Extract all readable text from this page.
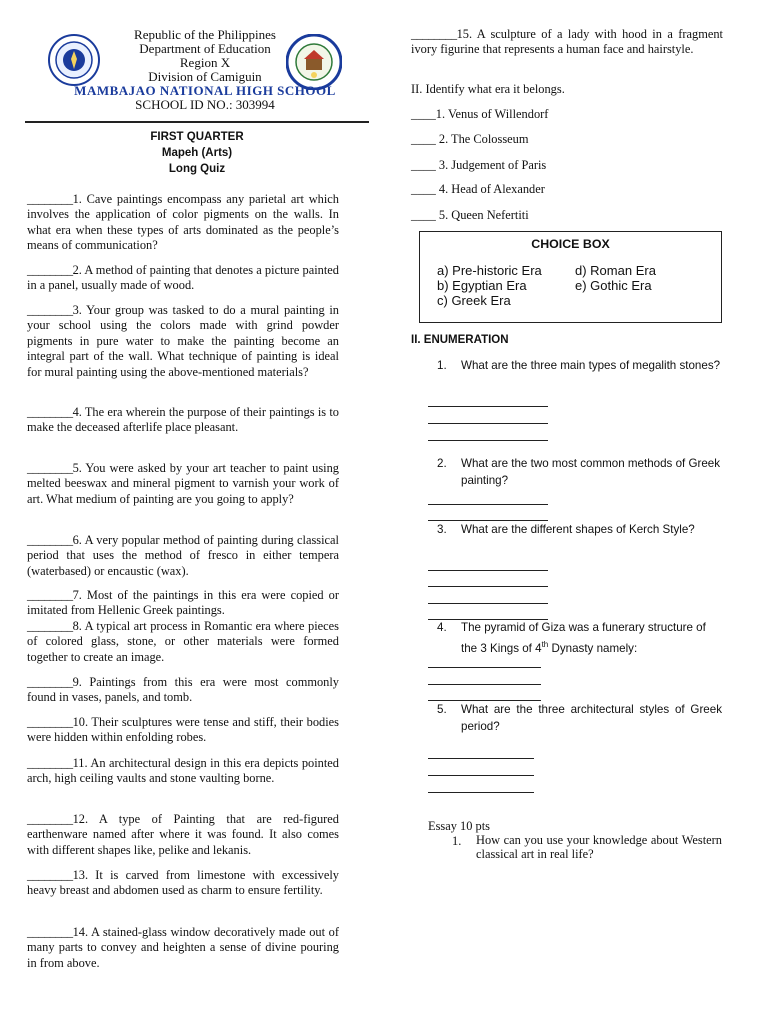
Republic of the Philippines
Department of Education
Region X
Division of Camiguin
MAMBAJAO NATIONAL HIGH SCHOOL
SCHOOL ID NO.: 303994
FIRST QUARTER
Mapeh (Arts)
Long Quiz
________1. Cave paintings encompass any parietal art which involves the application of color pigments on the walls. In what era when these types of arts dominated as the people’s means of communication?
________2. A method of painting that denotes a picture painted in a panel, usually made of wood.
________3. Your group was tasked to do a mural painting in your school using the colors made with grind powder pigments in pure water to make the painting become an integral part of the wall. What technique of painting is ideal for mural painting using the above-mentioned materials?
________4. The era wherein the purpose of their paintings is to make the deceased afterlife place pleasant.
________5. You were asked by your art teacher to paint using melted beeswax and mineral pigment to varnish your work of art. What medium of painting are you going to apply?
________6. A very popular method of painting during classical period that uses the method of fresco in either tempera (waterbased) or encaustic (wax).
________7. Most of the paintings in this era were copied or imitated from Hellenic Greek paintings.
________8. A typical art process in Romantic era where pieces of colored glass, stone, or other materials were formed together to create an image.
________9. Paintings from this era were most commonly found in vases, panels, and tomb.
________10. Their sculptures were tense and stiff, their bodies were hidden within enfolding robes.
________11. An architectural design in this era depicts pointed arch, high ceiling vaults and stone vaulting borne.
________12. A type of Painting that are red-figured earthenware named after where it was found. It also comes with different shapes like, pelike and lekanis.
________13. It is carved from limestone with excessively heavy breast and abdomen used as charm to ensure fertility.
________14. A stained-glass window decoratively made out of many parts to convey and heighten a sense of divine pouring in from above.
________15. A sculpture of a lady with hood in a fragment ivory figurine that represents a human face and hairstyle.
II. Identify what era it belongs.
____1. Venus of Willendorf
____ 2. The Colosseum
____ 3. Judgement of Paris
____ 4. Head of Alexander
____ 5. Queen Nefertiti
CHOICE BOX
a) Pre-historic Era
b) Egyptian Era
c) Greek Era
d) Roman Era
e) Gothic Era
II. ENUMERATION
1.	What are the three main types of megalith stones?
2.	What are the two most common methods of Greek painting?
3.	What are the different shapes of Kerch Style?
4.	The pyramid of Giza was a funerary structure of the 3 Kings of 4th Dynasty namely:
5.	What are the three architectural styles of Greek period?
Essay 10 pts
1.	How can you use your knowledge about Western classical art in real life?
